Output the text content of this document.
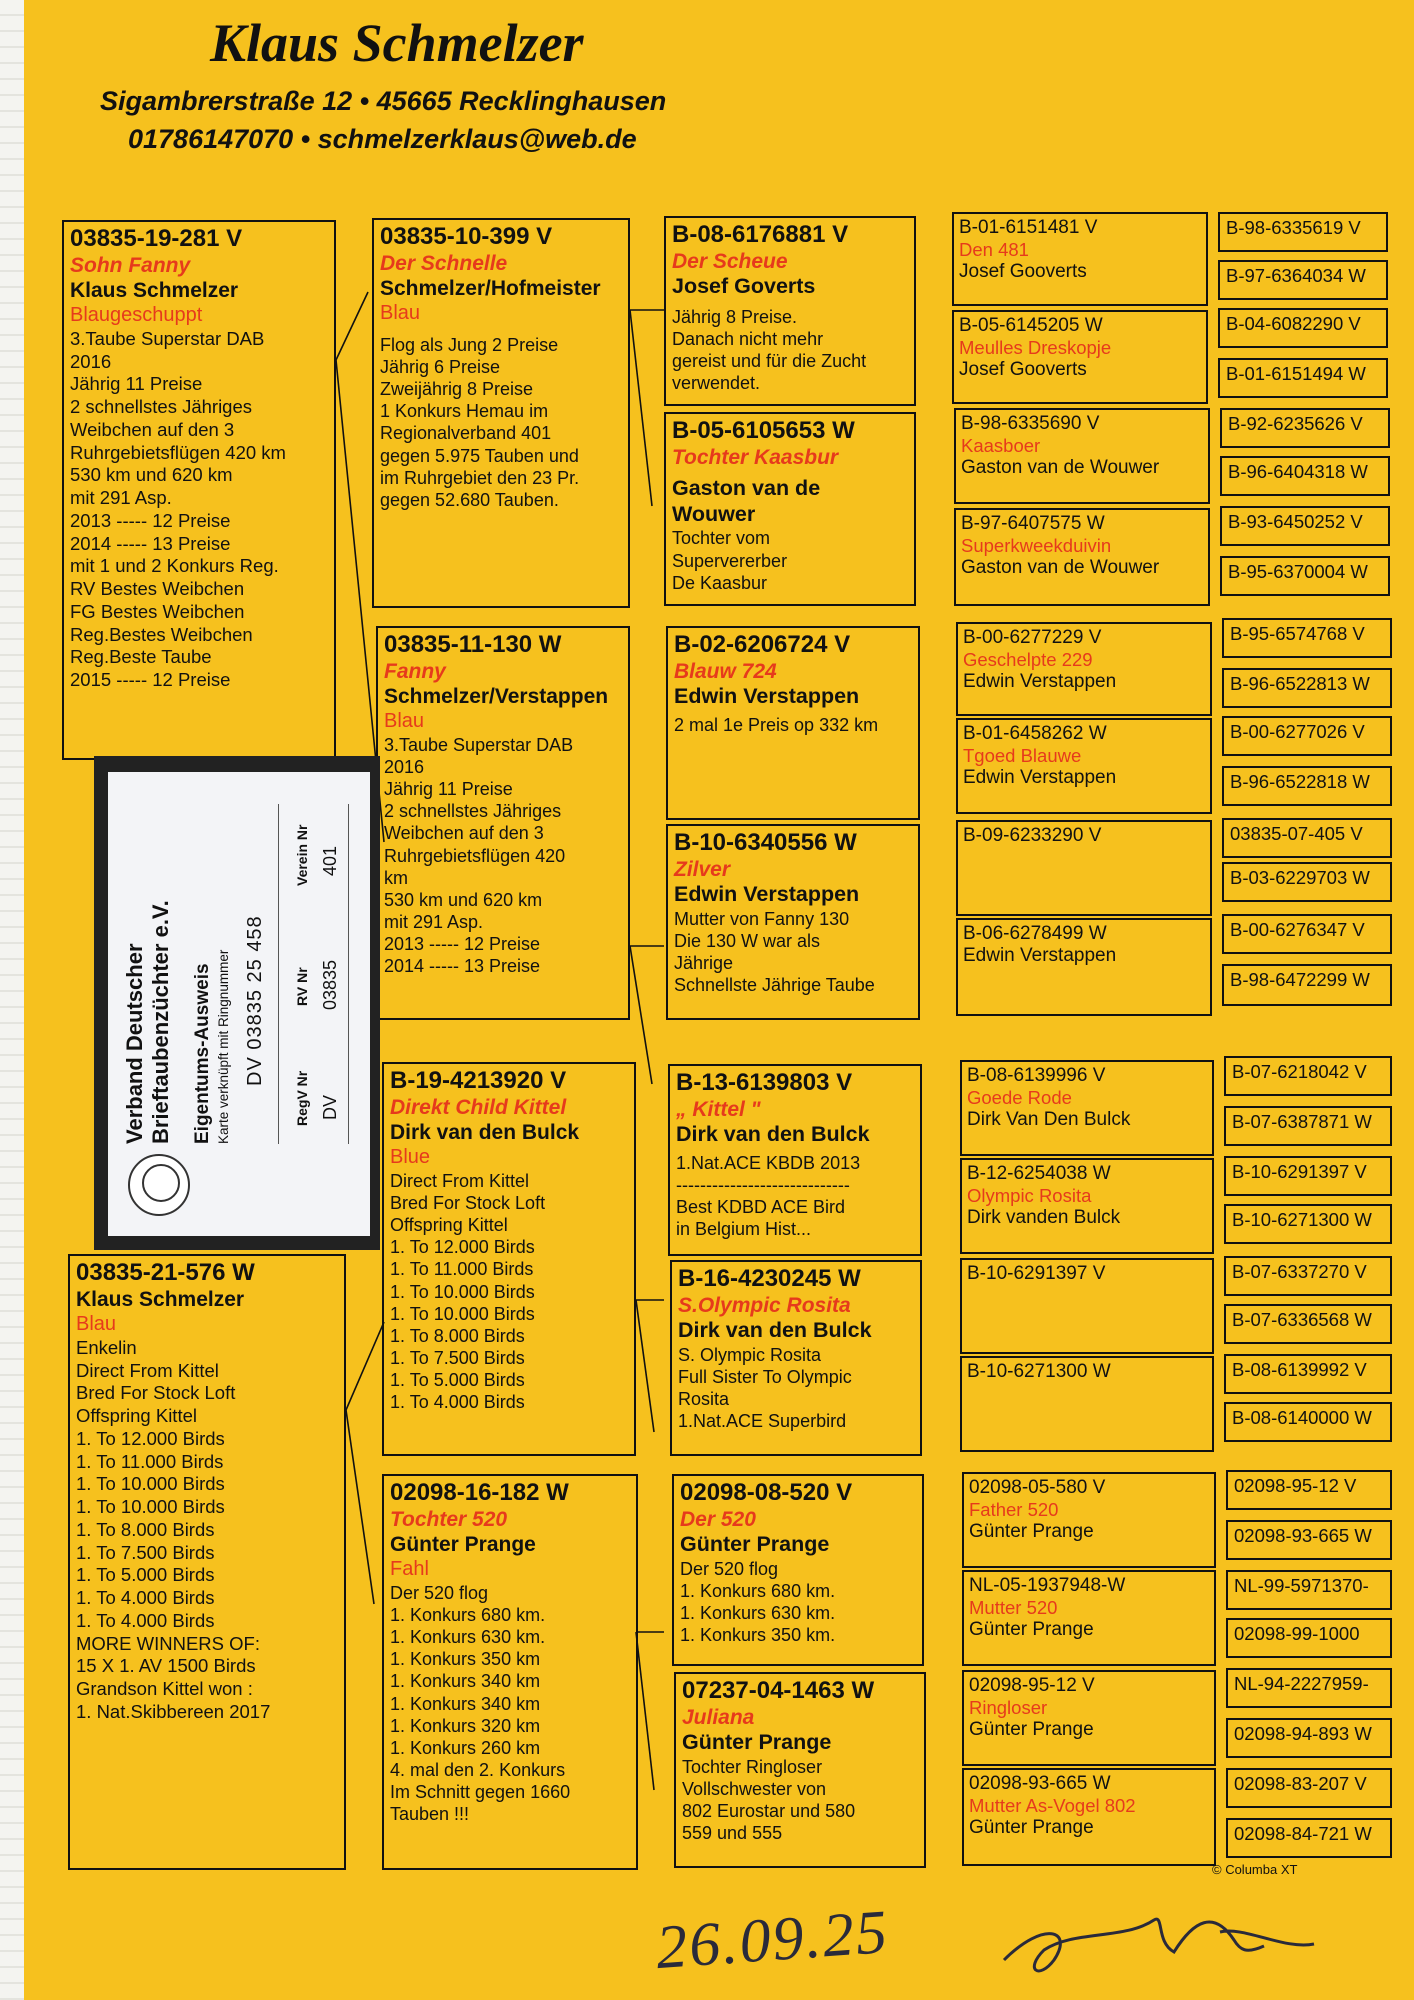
Klaus Schmelzer
Sigambrerstraße 12 • 45665 Recklinghausen
01786147070 • schmelzerklaus@web.de
03835-19-281 V
Sohn Fanny
Klaus Schmelzer
Blaugeschuppt
3.Taube Superstar DAB
2016
Jährig 11 Preise
2 schnellstes Jähriges
Weibchen auf den 3
Ruhrgebietsflügen 420 km
530 km und 620 km
mit 291 Asp.
2013 ----- 12 Preise
2014 ----- 13 Preise
mit 1 und 2 Konkurs Reg.
RV Bestes Weibchen
FG Bestes Weibchen
Reg.Bestes Weibchen
Reg.Beste Taube
2015 ----- 12 Preise
03835-21-576 W
Klaus Schmelzer
Blau
Enkelin
Direct From Kittel
Bred For Stock Loft
Offspring Kittel
1. To 12.000 Birds
1. To 11.000 Birds
1. To 10.000 Birds
1. To 10.000 Birds
1. To 8.000 Birds
1. To 7.500 Birds
1. To 5.000 Birds
1. To 4.000 Birds
1. To 4.000 Birds
MORE WINNERS OF:
15 X 1. AV 1500 Birds
Grandson Kittel won :
1. Nat.Skibbereen 2017
03835-10-399 V
Der Schnelle
Schmelzer/Hofmeister
Blau
Flog als Jung 2 Preise
Jährig 6 Preise
Zweijährig 8 Preise
1 Konkurs Hemau im
Regionalverband 401
gegen 5.975 Tauben und
im Ruhrgebiet den 23 Pr.
gegen 52.680 Tauben.
03835-11-130 W
Fanny
Schmelzer/Verstappen
Blau
3.Taube Superstar DAB
2016
Jährig 11 Preise
2 schnellstes Jähriges
Weibchen auf den 3
Ruhrgebietsflügen 420
km
530 km und 620 km
mit 291 Asp.
2013 ----- 12 Preise
2014 ----- 13 Preise
B-19-4213920 V
Direkt Child Kittel
Dirk van den Bulck
Blue
Direct From Kittel
Bred For Stock Loft
Offspring Kittel
1. To 12.000 Birds
1. To 11.000 Birds
1. To 10.000 Birds
1. To 10.000 Birds
1. To 8.000 Birds
1. To 7.500 Birds
1. To 5.000 Birds
1. To 4.000 Birds
02098-16-182 W
Tochter 520
Günter Prange
Fahl
Der 520 flog
1. Konkurs 680 km.
1. Konkurs 630 km.
1. Konkurs 350 km
1. Konkurs 340 km
1. Konkurs 340 km
1. Konkurs 320 km
1. Konkurs 260 km
4. mal den 2. Konkurs
Im Schnitt gegen 1660
Tauben !!!
B-08-6176881 V
Der Scheue
Josef Goverts
Jährig 8 Preise.
Danach nicht mehr
gereist und für die Zucht
verwendet.
B-05-6105653 W
Tochter Kaasbur
Gaston van de Wouwer
Tochter vom
Supervererber
De Kaasbur
B-02-6206724 V
Blauw 724
Edwin Verstappen
2 mal 1e Preis op 332 km
B-10-6340556 W
Zilver
Edwin Verstappen
Mutter von Fanny 130
Die 130 W war als
Jährige
Schnellste Jährige Taube
B-13-6139803 V
„ Kittel "
Dirk van den Bulck
1.Nat.ACE KBDB 2013
-----------------------------
Best KDBD ACE Bird
in Belgium Hist...
B-16-4230245 W
S.Olympic Rosita
Dirk van den Bulck
S. Olympic Rosita
Full Sister To Olympic
Rosita
1.Nat.ACE Superbird
02098-08-520 V
Der 520
Günter Prange
Der 520 flog
1. Konkurs 680 km.
1. Konkurs 630 km.
1. Konkurs 350 km.
07237-04-1463 W
Juliana
Günter Prange
Tochter Ringloser
Vollschwester von
802 Eurostar und 580
559 und 555
B-01-6151481 V
Den 481
Josef Gooverts
B-05-6145205 W
Meulles Dreskopje
Josef Gooverts
B-98-6335690 V
Kaasboer
Gaston van de Wouwer
B-97-6407575 W
Superkweekduivin
Gaston van de Wouwer
B-00-6277229 V
Geschelpte 229
Edwin Verstappen
B-01-6458262 W
Tgoed Blauwe
Edwin Verstappen
B-09-6233290 V
B-06-6278499 W
Edwin Verstappen
B-08-6139996 V
Goede Rode
Dirk Van Den Bulck
B-12-6254038 W
Olympic Rosita
Dirk vanden Bulck
B-10-6291397 V
B-10-6271300 W
02098-05-580 V
Father 520
Günter Prange
NL-05-1937948-W
Mutter 520
Günter Prange
02098-95-12 V
Ringloser
Günter Prange
02098-93-665 W
Mutter As-Vogel 802
Günter Prange
B-98-6335619 V
B-97-6364034 W
B-04-6082290 V
B-01-6151494 W
B-92-6235626 V
B-96-6404318 W
B-93-6450252 V
B-95-6370004 W
B-95-6574768 V
B-96-6522813 W
B-00-6277026 V
B-96-6522818 W
03835-07-405 V
B-03-6229703 W
B-00-6276347 V
B-98-6472299 W
B-07-6218042 V
B-07-6387871 W
B-10-6291397 V
B-10-6271300 W
B-07-6337270 V
B-07-6336568 W
B-08-6139992 V
B-08-6140000 W
02098-95-12 V
02098-93-665 W
NL-99-5971370-
02098-99-1000
NL-94-2227959-
02098-94-893 W
02098-83-207 V
02098-84-721 W
Verband Deutscher Brieftaubenzüchter e.V. Eigentums-Ausweis Karte verknüpft mit Ringnummer DV 03835 25 458
RegV Nr
RV Nr
Verein Nr
DV
03835
401
© Columba XT
26.09.25
